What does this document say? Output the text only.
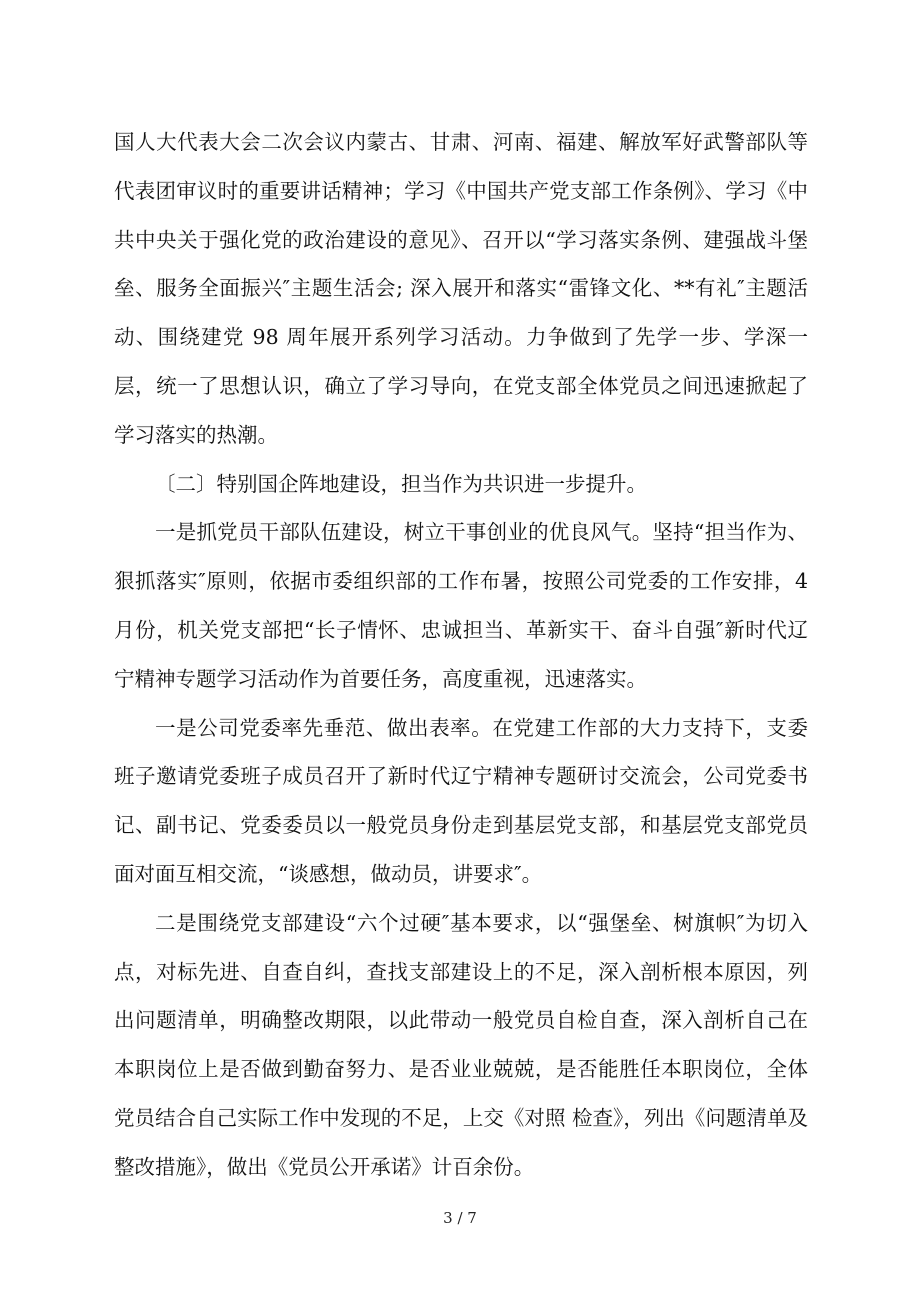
国人大代表大会二次会议内蒙古、甘肃、河南、福建、解放军好武警部队等代表团审议时的重要讲话精神；学习《中国共产党支部工作条例》、学习《中共中央关于强化党的政治建设的意见》、召开以“学习落实条例、建强战斗堡垒、服务全面振兴″主题生活会; 深入展开和落实“雷锋文化、**有礼″主题活动、围绕建党 98 周年展开系列学习活动。力争做到了先学一步、学深一层，统一了思想认识，确立了学习导向，在党支部全体党员之间迅速掀起了学习落实的热潮。

〔二〕特别国企阵地建设，担当作为共识进一步提升。

一是抓党员干部队伍建设，树立干事创业的优良风气。坚持“担当作为、狠抓落实″原则，依据市委组织部的工作布暑，按照公司党委的工作安排，4 月份，机关党支部把“长子情怀、忠诚担当、革新实干、奋斗自强″新时代辽宁精神专题学习活动作为首要任务，高度重视，迅速落实。

一是公司党委率先垂范、做出表率。在党建工作部的大力支持下，支委班子邀请党委班子成员召开了新时代辽宁精神专题研讨交流会，公司党委书记、副书记、党委委员以一般党员身份走到基层党支部，和基层党支部党员面对面互相交流，“谈感想，做动员，讲要求″。

二是围绕党支部建设“六个过硬″基本要求，以“强堡垒、树旗帜″为切入点，对标先进、自查自纠，查找支部建设上的不足，深入剖析根本原因，列出问题清单，明确整改期限，以此带动一般党员自检自查，深入剖析自己在本职岗位上是否做到勤奋努力、是否业业兢兢，是否能胜任本职岗位，全体党员结合自己实际工作中发现的不足，上交《对照 检查》，列出《问题清单及整改措施》，做出《党员公开承诺》计百余份。

3 / 7
